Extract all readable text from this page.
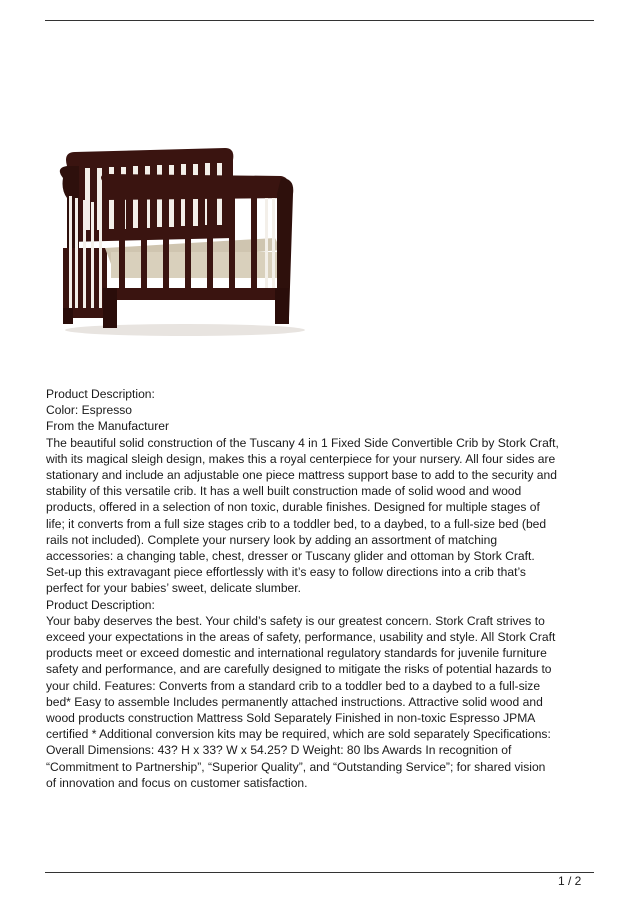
Product Description:

Color: Espresso

From the Manufacturer

The beautiful solid construction of the Tuscany 4 in 1 Fixed Side Convertible Crib by Stork Craft,

with its magical sleigh design, makes this a royal centerpiece for your nursery. All four sides are

stationary and include an adjustable one piece mattress support base to add to the security and

stability of this versatile crib. It has a well built construction made of solid wood and wood

products, offered in a selection of non toxic, durable finishes. Designed for multiple stages of

life; it converts from a full size stages crib to a toddler bed, to a daybed, to a full-size bed (bed

rails not included). Complete your nursery look by adding an assortment of matching

accessories: a changing table, chest, dresser or Tuscany glider and ottoman by Stork Craft.

Set-up this extravagant piece effortlessly with it’s easy to follow directions into a crib that’s

perfect for your babies’ sweet, delicate slumber.

Product Description:

Your baby deserves the best. Your child’s safety is our greatest concern. Stork Craft strives to

exceed your expectations in the areas of safety, performance, usability and style. All Stork Craft

products meet or exceed domestic and international regulatory standards for juvenile furniture

safety and performance, and are carefully designed to mitigate the risks of potential hazards to

your child. Features: Converts from a standard crib to a toddler bed to a daybed to a full-size

bed* Easy to assemble Includes permanently attached instructions. Attractive solid wood and

wood products construction Mattress Sold Separately Finished in non-toxic Espresso JPMA

certified * Additional conversion kits may be required, which are sold separately Specifications:

Overall Dimensions: 43? H x 33? W x 54.25? D Weight: 80 lbs Awards In recognition of

“Commitment to Partnership”, “Superior Quality”, and “Outstanding Service”; for shared vision

of innovation and focus on customer satisfaction.

1 / 2
